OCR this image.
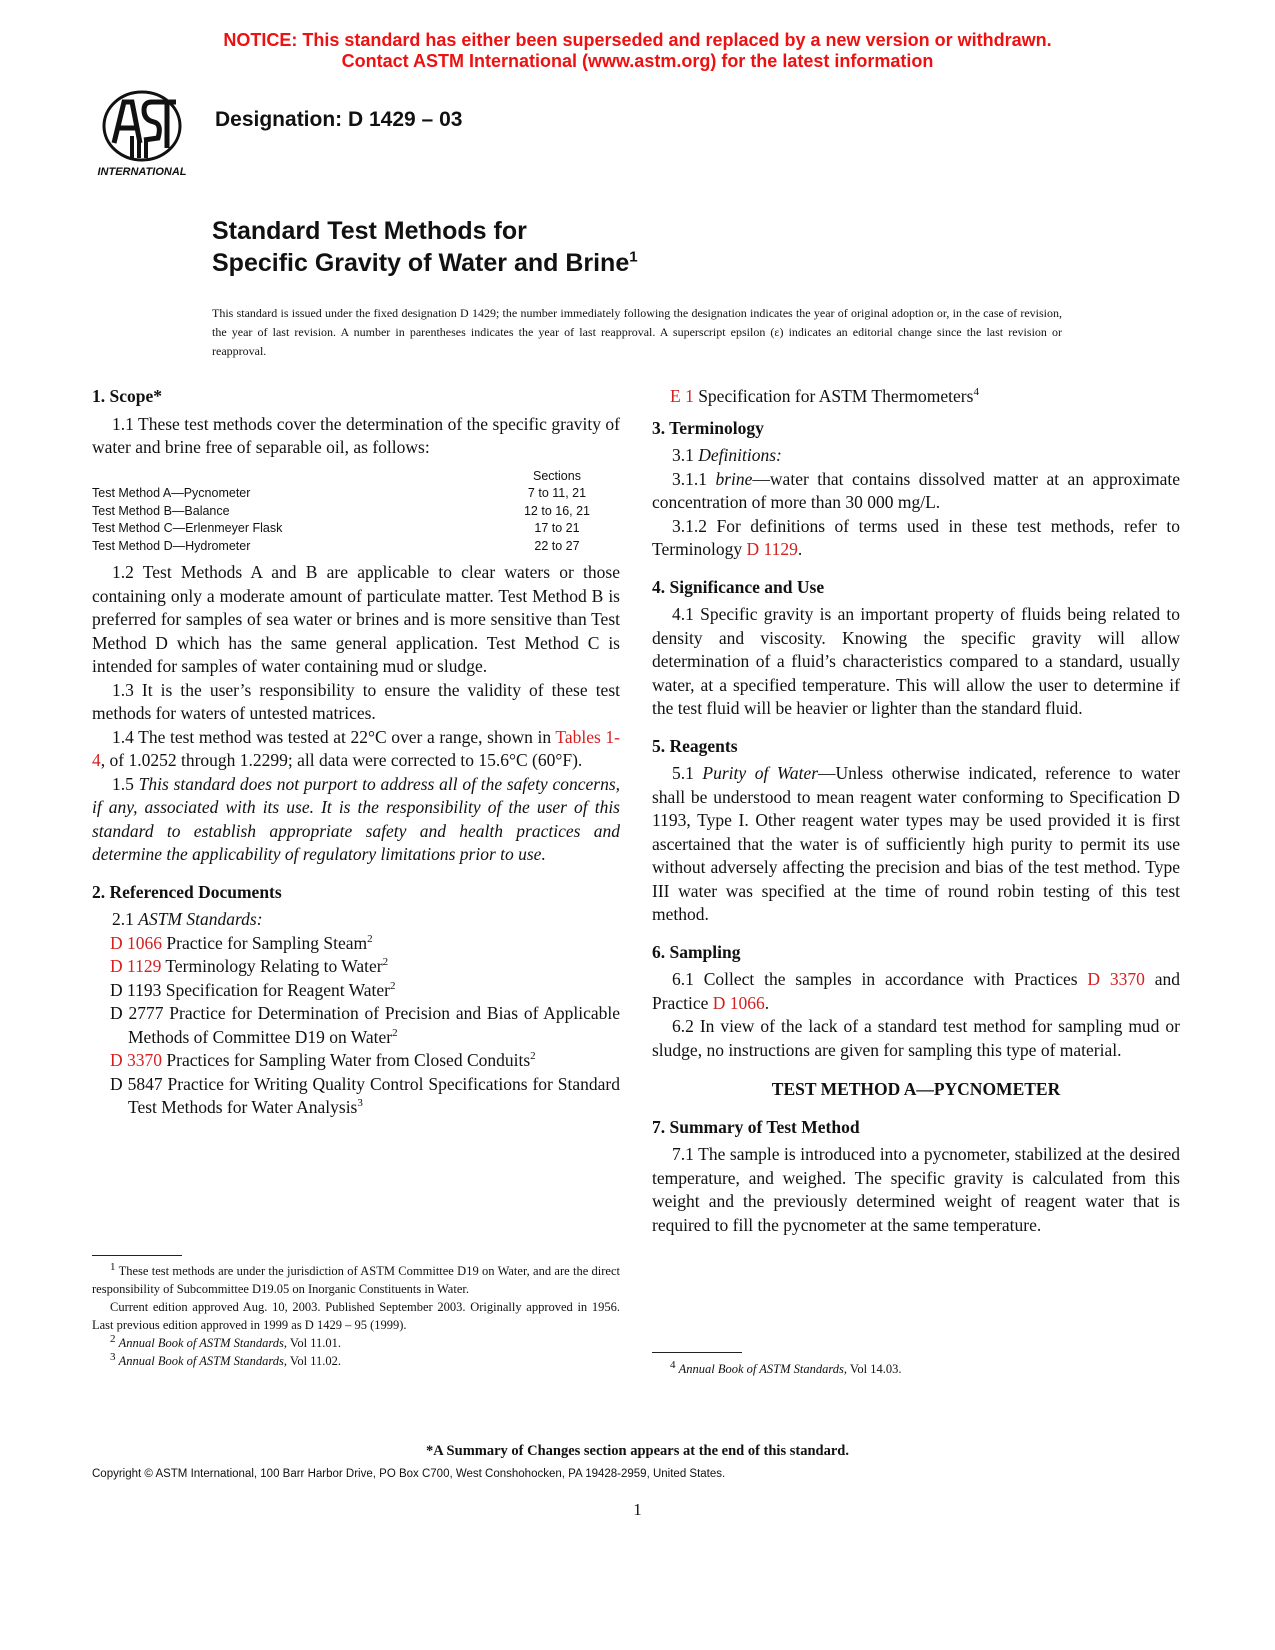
NOTICE: This standard has either been superseded and replaced by a new version or withdrawn.
Contact ASTM International (www.astm.org) for the latest information
INTERNATIONAL
Designation: D 1429 – 03
Standard Test Methods for
Specific Gravity of Water and Brine$^1$
This standard is issued under the fixed designation D 1429; the number immediately following the designation indicates the year of original adoption or, in the case of revision, the year of last revision. A number in parentheses indicates the year of last reapproval. A superscript epsilon (ε) indicates an editorial change since the last revision or reapproval.
1. Scope*

1.1 These test methods cover the determination of the specific gravity of water and brine free of separable oil, as follows:

Sections
Test Method A—Pycnometer	7 to 11, 21
Test Method B—Balance	12 to 16, 21
Test Method C—Erlenmeyer Flask	17 to 21
Test Method D—Hydrometer	22 to 27

1.2 Test Methods A and B are applicable to clear waters or those containing only a moderate amount of particulate matter. Test Method B is preferred for samples of sea water or brines and is more sensitive than Test Method D which has the same general application. Test Method C is intended for samples of water containing mud or sludge.

1.3 It is the user’s responsibility to ensure the validity of these test methods for waters of untested matrices.

1.4 The test method was tested at 22°C over a range, shown in Tables 1-4, of 1.0252 through 1.2299; all data were corrected to 15.6°C (60°F).

1.5 This standard does not purport to address all of the safety concerns, if any, associated with its use. It is the responsibility of the user of this standard to establish appropriate safety and health practices and determine the applicability of regulatory limitations prior to use.

2. Referenced Documents

2.1 ASTM Standards:

D 1066 Practice for Sampling Steam$^2$
D 1129 Terminology Relating to Water$^2$
D 1193 Specification for Reagent Water$^2$
D 2777 Practice for Determination of Precision and Bias of Applicable Methods of Committee D19 on Water$^2$
D 3370 Practices for Sampling Water from Closed Conduits$^2$
D 5847 Practice for Writing Quality Control Specifications for Standard Test Methods for Water Analysis$^3$

$^1$ These test methods are under the jurisdiction of ASTM Committee D19 on Water, and are the direct responsibility of Subcommittee D19.05 on Inorganic Constituents in Water.

Current edition approved Aug. 10, 2003. Published September 2003. Originally approved in 1956. Last previous edition approved in 1999 as D 1429 – 95 (1999).

$^2$ Annual Book of ASTM Standards, Vol 11.01.

$^3$ Annual Book of ASTM Standards, Vol 11.02.

E 1 Specification for ASTM Thermometers$^4$
3. Terminology

3.1 Definitions:

3.1.1 brine—water that contains dissolved matter at an approximate concentration of more than 30 000 mg/L.

3.1.2 For definitions of terms used in these test methods, refer to Terminology D 1129.

4. Significance and Use

4.1 Specific gravity is an important property of fluids being related to density and viscosity. Knowing the specific gravity will allow determination of a fluid’s characteristics compared to a standard, usually water, at a specified temperature. This will allow the user to determine if the test fluid will be heavier or lighter than the standard fluid.

5. Reagents

5.1 Purity of Water—Unless otherwise indicated, reference to water shall be understood to mean reagent water conforming to Specification D 1193, Type I. Other reagent water types may be used provided it is first ascertained that the water is of sufficiently high purity to permit its use without adversely affecting the precision and bias of the test method. Type III water was specified at the time of round robin testing of this test method.

6. Sampling

6.1 Collect the samples in accordance with Practices D 3370 and Practice D 1066.

6.2 In view of the lack of a standard test method for sampling mud or sludge, no instructions are given for sampling this type of material.

TEST METHOD A—PYCNOMETER
7. Summary of Test Method

7.1 The sample is introduced into a pycnometer, stabilized at the desired temperature, and weighed. The specific gravity is calculated from this weight and the previously determined weight of reagent water that is required to fill the pycnometer at the same temperature.

$^4$ Annual Book of ASTM Standards, Vol 14.03.

*A Summary of Changes section appears at the end of this standard.
Copyright © ASTM International, 100 Barr Harbor Drive, PO Box C700, West Conshohocken, PA 19428-2959, United States.
1
